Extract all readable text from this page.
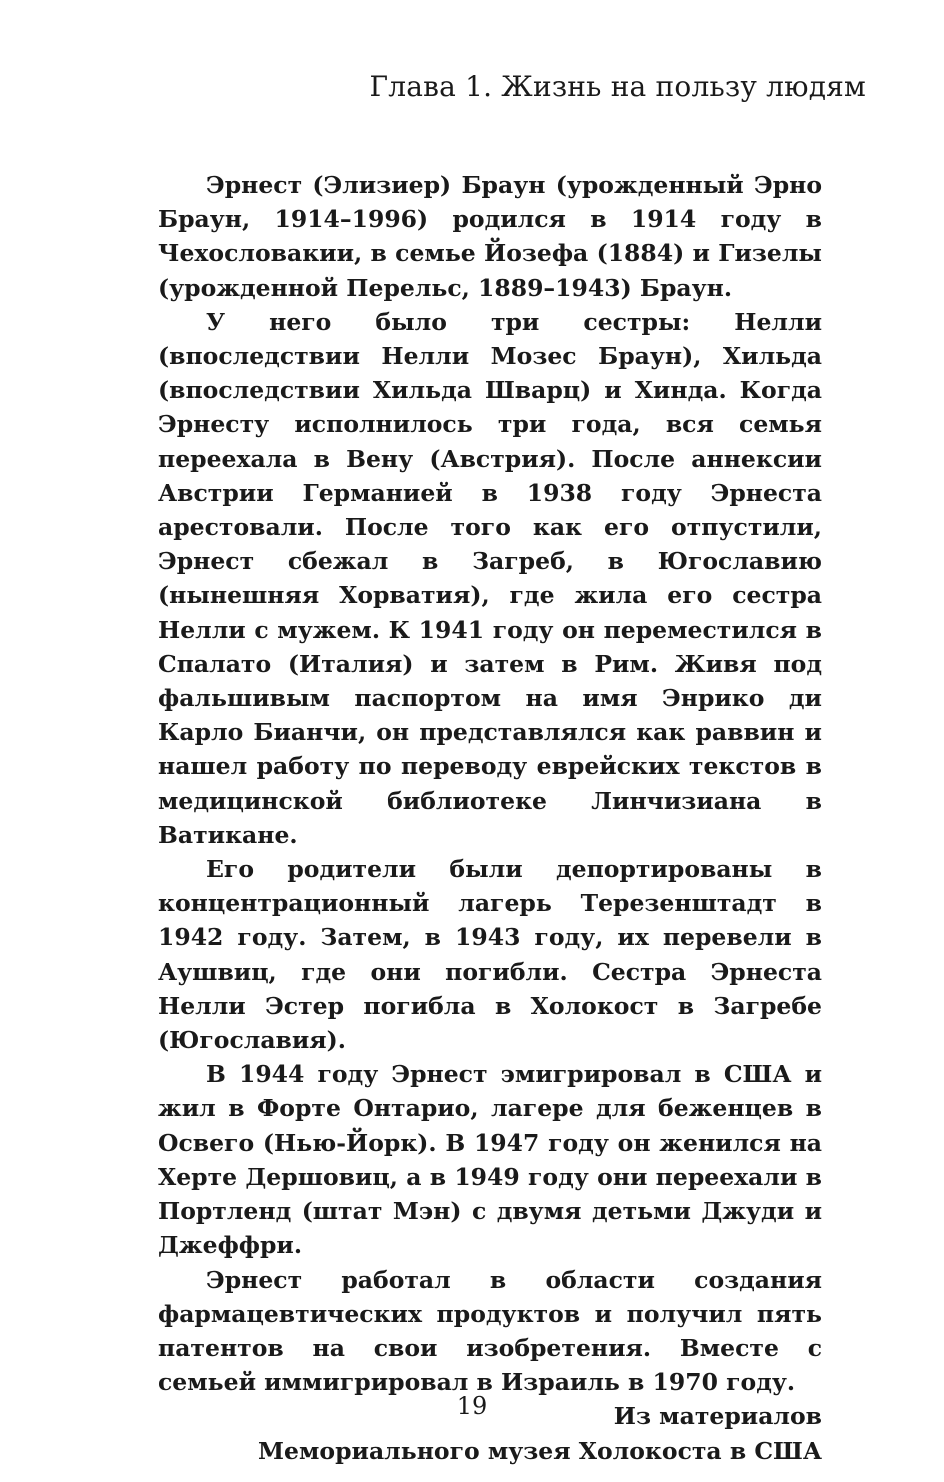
Глава 1. Жизнь на пользу людям

Эрнест (Элизиер) Браун (урожденный Эрно Браун, 1914–1996) родился в 1914 году в Чехословакии, в семье Йозефа (1884) и Гизелы (урожденной Перельс, 1889–1943) Браун.

У него было три сестры: Нелли (впоследствии Нелли Мозес Браун), Хильда (впоследствии Хильда Шварц) и Хинда. Когда Эрнесту исполнилось три года, вся семья переехала в Вену (Австрия). После аннексии Австрии Германией в 1938 году Эрнеста арестовали. После того как его отпустили, Эрнест сбежал в Загреб, в Югославию (нынешняя Хорватия), где жила его сестра Нелли с мужем. К 1941 году он переместился в Спалато (Италия) и затем в Рим. Живя под фальшивым паспортом на имя Энрико ди Карло Бианчи, он представлялся как раввин и нашел работу по переводу еврейских текстов в медицинской библиотеке Линчизиана в Ватикане.

Его родители были депортированы в концентрационный лагерь Терезенштадт в 1942 году. Затем, в 1943 году, их перевели в Аушвиц, где они погибли. Сестра Эрнеста Нелли Эстер погибла в Холокост в Загребе (Югославия).

В 1944 году Эрнест эмигрировал в США и жил в Форте Онтарио, лагере для беженцев в Освего (Нью-Йорк). В 1947 году он женился на Херте Дершовиц, а в 1949 году они переехали в Портленд (штат Мэн) с двумя детьми Джуди и Джеффри.

Эрнест работал в области создания фармацевтических продуктов и получил пять патентов на свои изобретения. Вместе с семьей иммигрировал в Израиль в 1970 году.

Из материалов
Мемориального музея Холокоста в США
19
